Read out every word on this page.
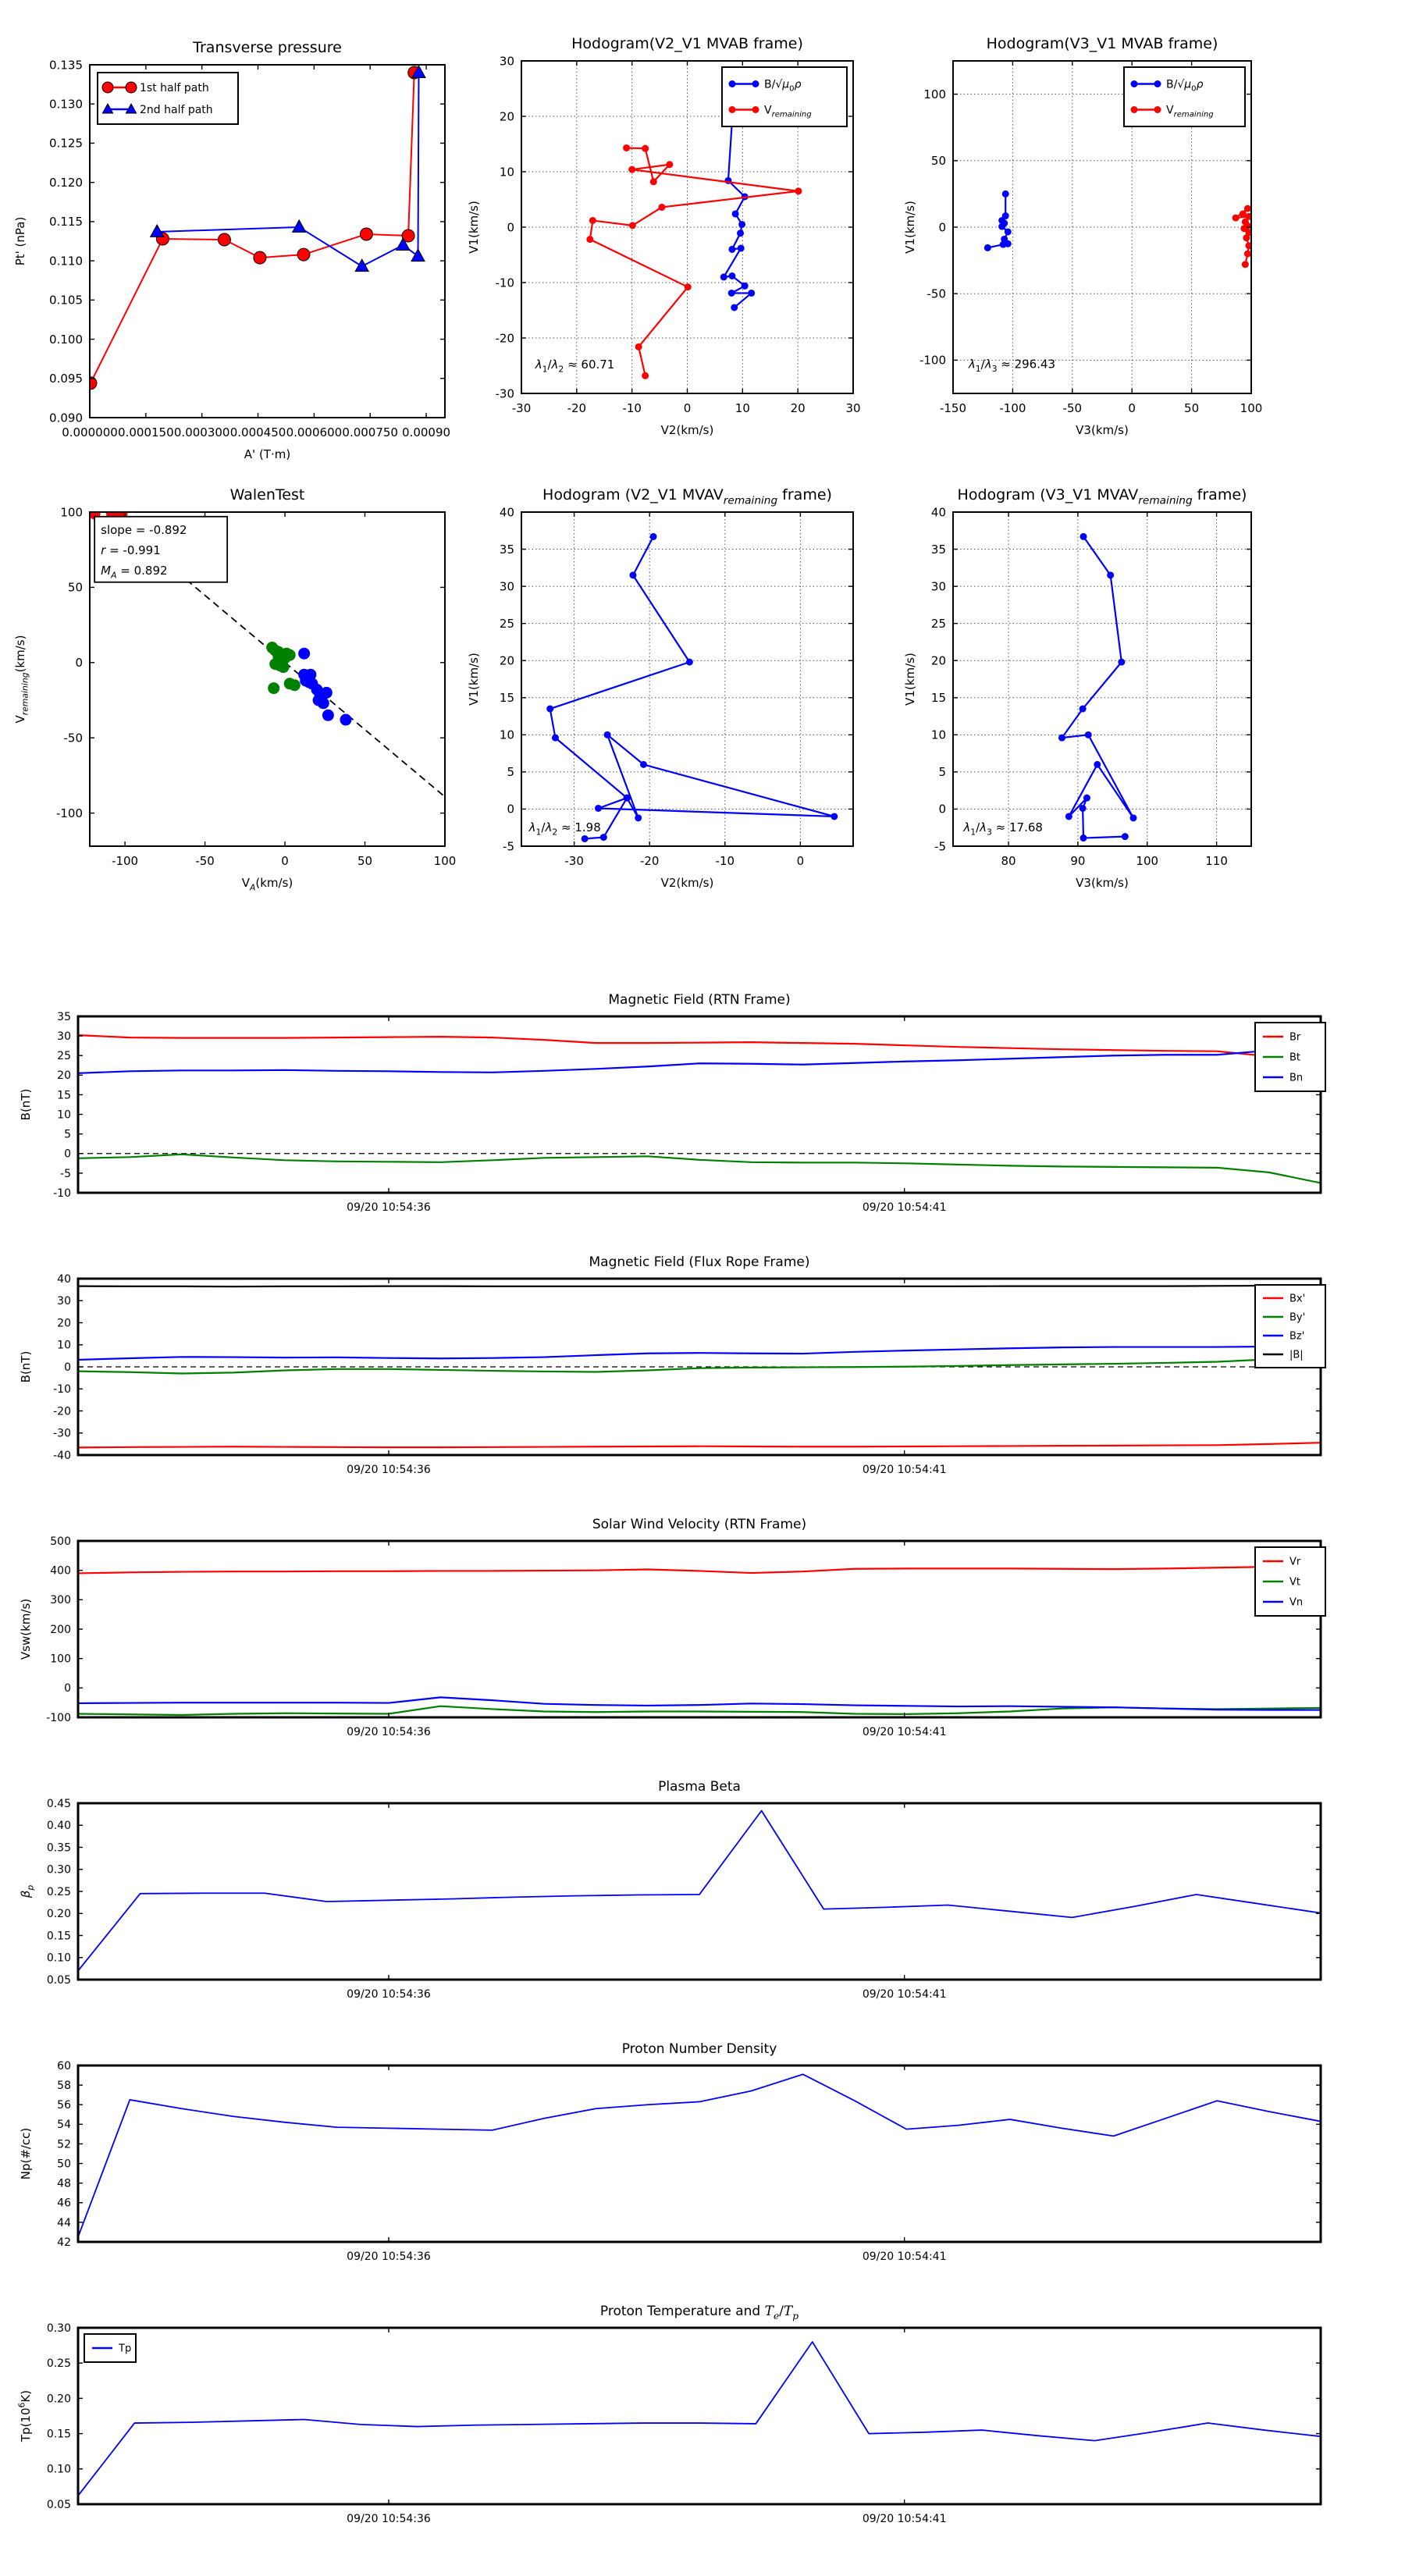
0.000000 0.000150 0.000300 0.000450 0.000600 0.000750 0.00090
0.090
0.095
0.100
0.105
0.110
0.115
0.120
0.125
0.130
0.135
Transverse pressure
A' (T·m)
Pt' (nPa)
1st half path
2nd half path
-30	-20	-10	0	10	20	30
-30
-20
-10
0
10
20
30
Hodogram(V2_V1 MVAB frame)
V2(km/s)
V1(km/s)
$B/√\mu_0\rho$
$V_{remaining}$
$\lambda_1/\lambda_2 \approx 60.71$
-150	-100	-50	0	50	100
-100
-50
0
50
100
Hodogram(V3_V1 MVAB frame)
V3(km/s)
V1(km/s)
$B/√\mu_0\rho$
$V_{remaining}$
$\lambda_1/\lambda_3 \approx 296.43$
-100	-50	0	50	100
-100
-50
0
50
100
WalenTest
$V_A(km/s)$
$V_{remaining}(km/s)$
slope = -0.892
r = -0.991
$M_A = 0.892$
-30	-20	-10	0
-5
0
5
10
15
20
25
30
35
40
Hodogram (V2_V1 $MVAV_{remaining}$ frame)
V2(km/s)
V1(km/s)
$\lambda_1/\lambda_2 \approx 1.98$
80	90	100	110
-5
0
5
10
15
20
25
30
35
40
Hodogram (V3_V1 $MVAV_{remaining}$ frame)
V3(km/s)
V1(km/s)
$\lambda_1/\lambda_3 \approx 17.68$
09/20 10:54:36	09/20 10:54:41
-10
-5
0
5
10
15
20
25
30
35
Magnetic Field (RTN Frame)
B(nT)
Br
Bt
Bn
09/20 10:54:36	09/20 10:54:41
-40
-30
-20
-10
0
10
20
30
40
Magnetic Field (Flux Rope Frame)
B(nT)
Bx'
By'
Bz'
|B|
09/20 10:54:36	09/20 10:54:41
-100
0
100
200
300
400
500
Solar Wind Velocity (RTN Frame)
Vsw(km/s)
Vr
Vt
Vn
09/20 10:54:36	09/20 10:54:41
0.05
0.10
0.15
0.20
0.25
0.30
0.35
0.40
0.45
Plasma Beta
$\beta_p$
09/20 10:54:36	09/20 10:54:41
42
44
46
48
50
52
54
56
58
60
Proton Number Density
Np(#/cc)
09/20 10:54:36	09/20 10:54:41
0.05
0.10
0.15
0.20
0.25
0.30
Proton Temperature and $T_e/T_p$
$Tp(10^6K)$
Tp
